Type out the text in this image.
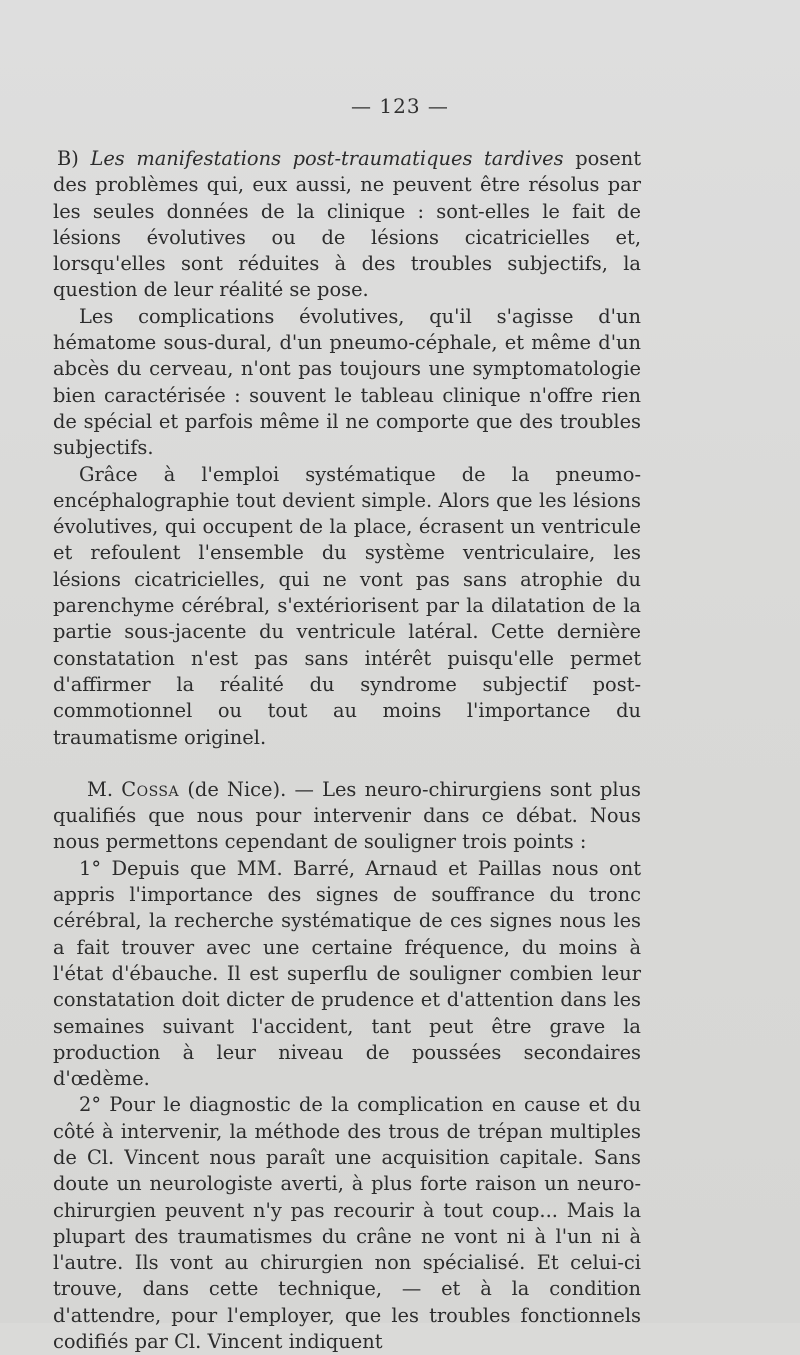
— 123 —

B) Les manifestations post-traumatiques tardives posent des problèmes qui, eux aussi, ne peuvent être résolus par les seules données de la clinique : sont-elles le fait de lésions évolutives ou de lésions cicatricielles et, lorsqu'elles sont réduites à des troubles subjectifs, la question de leur réalité se pose.

Les complications évolutives, qu'il s'agisse d'un hématome sous-dural, d'un pneumo-céphale, et même d'un abcès du cerveau, n'ont pas toujours une symptomatologie bien caractérisée : souvent le tableau clinique n'offre rien de spécial et parfois même il ne comporte que des troubles subjectifs.

Grâce à l'emploi systématique de la pneumo-encéphalographie tout devient simple. Alors que les lésions évolutives, qui occupent de la place, écrasent un ventricule et refoulent l'ensemble du système ventriculaire, les lésions cicatricielles, qui ne vont pas sans atrophie du parenchyme cérébral, s'extériorisent par la dilatation de la partie sous-jacente du ventricule latéral. Cette dernière constatation n'est pas sans intérêt puisqu'elle permet d'affirmer la réalité du syndrome subjectif post-commotionnel ou tout au moins l'importance du traumatisme originel.

M. Cossa (de Nice). — Les neuro-chirurgiens sont plus qualifiés que nous pour intervenir dans ce débat. Nous nous permettons cependant de souligner trois points :

1° Depuis que MM. Barré, Arnaud et Paillas nous ont appris l'importance des signes de souffrance du tronc cérébral, la recherche systématique de ces signes nous les a fait trouver avec une certaine fréquence, du moins à l'état d'ébauche. Il est superflu de souligner combien leur constatation doit dicter de prudence et d'attention dans les semaines suivant l'accident, tant peut être grave la production à leur niveau de poussées secondaires d'œdème.

2° Pour le diagnostic de la complication en cause et du côté à intervenir, la méthode des trous de trépan multiples de Cl. Vincent nous paraît une acquisition capitale. Sans doute un neurologiste averti, à plus forte raison un neuro-chirurgien peuvent n'y pas recourir à tout coup... Mais la plupart des traumatismes du crâne ne vont ni à l'un ni à l'autre. Ils vont au chirurgien non spécialisé. Et celui-ci trouve, dans cette technique, — et à la condition d'attendre, pour l'employer, que les troubles fonctionnels codifiés par Cl. Vincent indiquent
